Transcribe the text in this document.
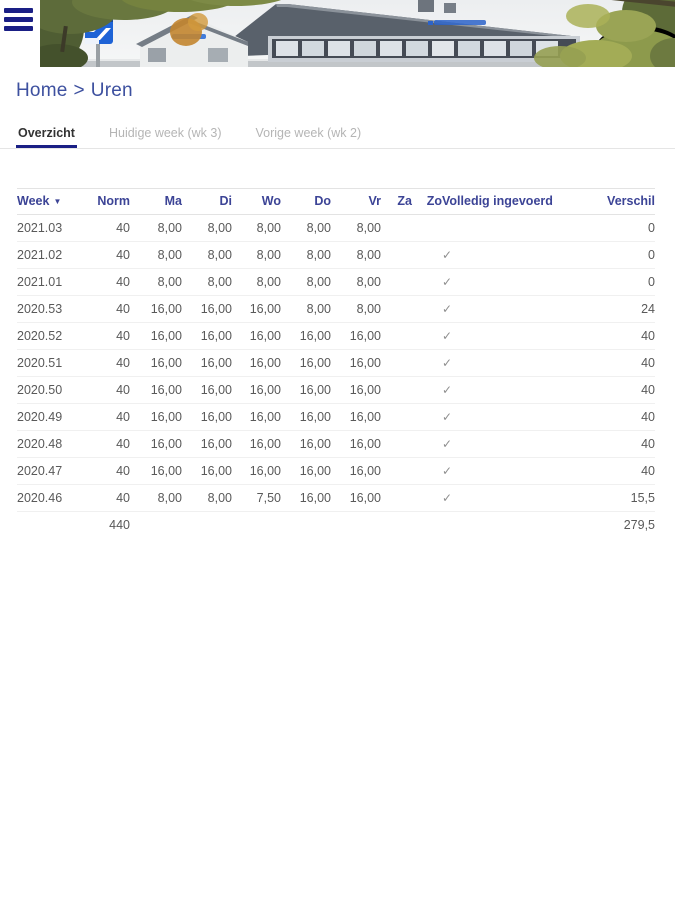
Home > Uren
Overzicht	Huidige week (wk 3)	Vorige week (wk 2)
Week ▼	Norm	Ma	Di	Wo	Do	Vr	Za	Zo	Volledig ingevoerd	Verschil
2021.03	40	8,00	8,00	8,00	8,00	8,00				0
2021.02	40	8,00	8,00	8,00	8,00	8,00			✓	0
2021.01	40	8,00	8,00	8,00	8,00	8,00			✓	0
2020.53	40	16,00	16,00	16,00	8,00	8,00			✓	24
2020.52	40	16,00	16,00	16,00	16,00	16,00			✓	40
2020.51	40	16,00	16,00	16,00	16,00	16,00			✓	40
2020.50	40	16,00	16,00	16,00	16,00	16,00			✓	40
2020.49	40	16,00	16,00	16,00	16,00	16,00			✓	40
2020.48	40	16,00	16,00	16,00	16,00	16,00			✓	40
2020.47	40	16,00	16,00	16,00	16,00	16,00			✓	40
2020.46	40	8,00	8,00	7,50	16,00	16,00			✓	15,5
	440									279,5
